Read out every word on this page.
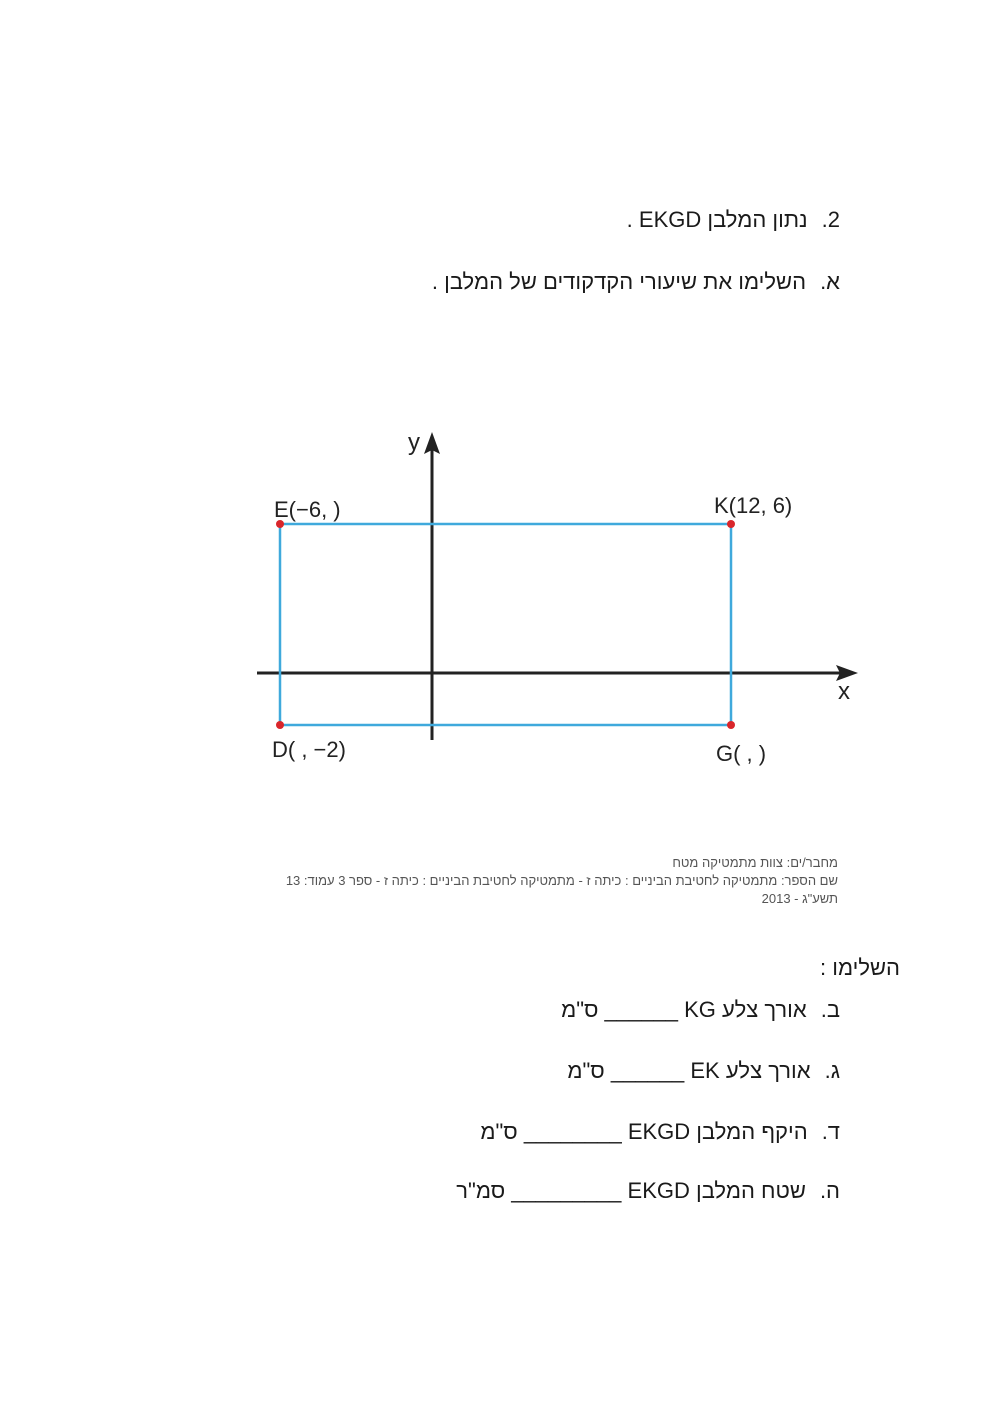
2.נתון המלבן EKGD .
א.השלימו את שיעורי הקדקודים של המלבן .
x
y
E(−6, )	K(12, 6)
D( , −2)	G( , )
מחבר/ים: צוות מתמטיקה מטח
שם הספר: מתמטיקה לחטיבת הביניים : כיתה ז - מתמטיקה לחטיבת הביניים : כיתה ז - ספר 3 עמוד: 13
תשע"ג - 2013
השלימו :
ב.אורך צלע KG ______ ס"מ
ג.אורך צלע EK ______ ס"מ
ד.היקף המלבן EKGD ________ ס"מ
ה.שטח המלבן EKGD _________ סמ"ר
